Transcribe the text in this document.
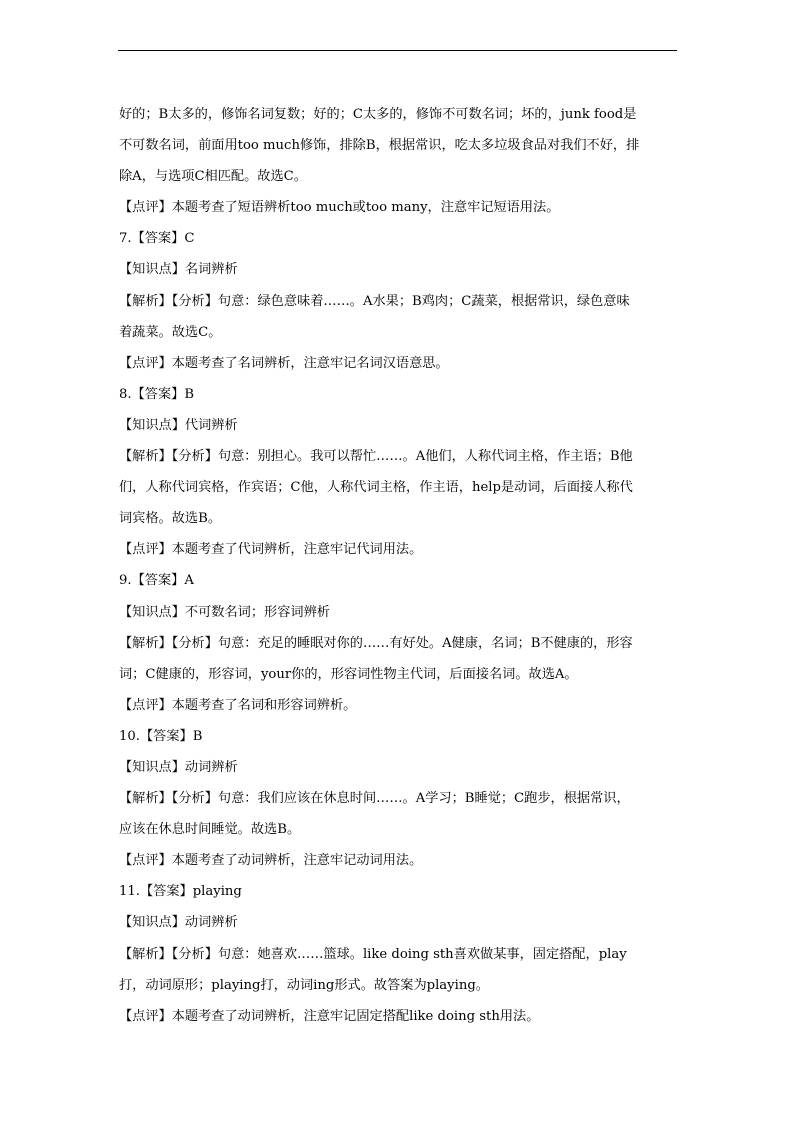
好的；B太多的，修饰名词复数；好的；C太多的，修饰不可数名词；坏的，junk food是
不可数名词，前面用too much修饰，排除B，根据常识，吃太多垃圾食品对我们不好，排
除A，与选项C相匹配。故选C。
【点评】本题考查了短语辨析too much或too many，注意牢记短语用法。
7.【答案】C
【知识点】名词辨析
【解析】【分析】句意：绿色意味着……。A水果；B鸡肉；C蔬菜，根据常识，绿色意味
着蔬菜。故选C。
【点评】本题考查了名词辨析，注意牢记名词汉语意思。
8.【答案】B
【知识点】代词辨析
【解析】【分析】句意：别担心。我可以帮忙……。A他们，人称代词主格，作主语；B他
们，人称代词宾格，作宾语；C他，人称代词主格，作主语，help是动词，后面接人称代
词宾格。故选B。
【点评】本题考查了代词辨析，注意牢记代词用法。
9.【答案】A
【知识点】不可数名词；形容词辨析
【解析】【分析】句意：充足的睡眠对你的……有好处。A健康，名词；B不健康的，形容
词；C健康的，形容词，your你的，形容词性物主代词，后面接名词。故选A。
【点评】本题考查了名词和形容词辨析。
10.【答案】B
【知识点】动词辨析
【解析】【分析】句意：我们应该在休息时间……。A学习；B睡觉；C跑步，根据常识，
应该在休息时间睡觉。故选B。
【点评】本题考查了动词辨析，注意牢记动词用法。
11.【答案】playing
【知识点】动词辨析
【解析】【分析】句意：她喜欢……篮球。like doing sth喜欢做某事，固定搭配，play
打，动词原形；playing打，动词ing形式。故答案为playing。
【点评】本题考查了动词辨析，注意牢记固定搭配like doing sth用法。
